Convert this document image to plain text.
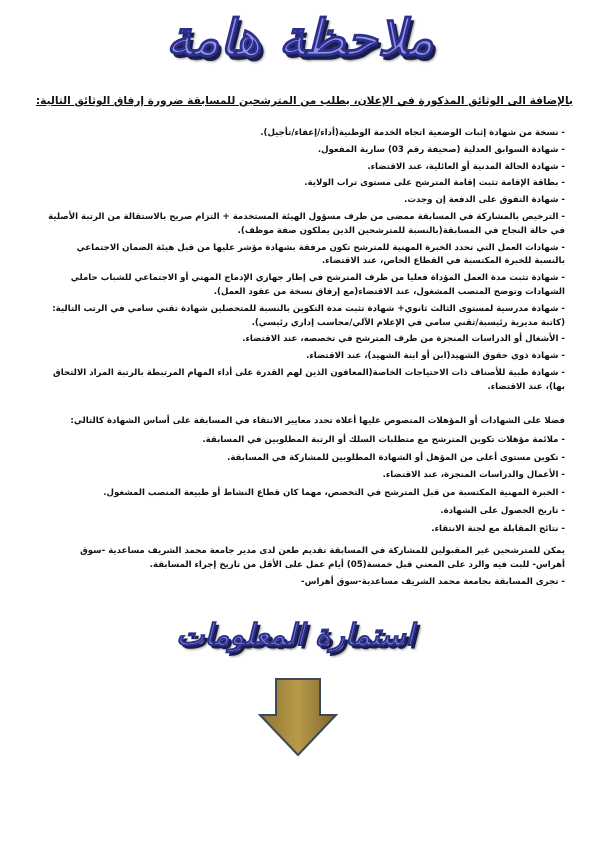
ملاحظة هامة
بالإضافة الى الوثائق المذكورة في الإعلان، يطلب من المترشحين للمسابقة ضرورة إرفاق الوثائق التالية:
- نسخة من شهادة إثبات الوضعية اتجاه الخدمة الوطنية(أداء/إعفاء/تأجيل).
- شهادة السوابق العدلية (صحيفة رقم 03) سارية المفعول.
- شهادة الحالة المدنية أو العائلية، عند الاقتضاء.
- بطاقة الإقامة تثبت إقامة المترشح على مستوى تراب الولاية.
- شهادة التفوق على الدفعة إن وجدت.
- الترخيص بالمشاركة في المسابقة ممضى من طرف مسؤول الهيئة المستخدمة + التزام صريح بالاستقالة من الرتبة الأصلية في حالة النجاح في المسابقة(بالنسبة للمترشحين الذين يملكون صفة موظف).
- شهادات العمل التي تحدد الخبرة المهنية للمترشح تكون مرفقة بشهادة مؤشر عليها من قبل هيئة الضمان الاجتماعي بالنسبة للخبرة المكتسبة في القطاع الخاص، عند الاقتضاء.
- شهادة تثبت مدة العمل المؤداة فعليا من طرف المترشح في إطار جهازي الإدماج المهني أو الاجتماعي للشباب حاملي الشهادات وتوضح المنصب المشغول، عند الاقتضاء(مع إرفاق نسخة من عقود العمل).
- شهادة مدرسية لمستوى الثالث ثانوي+ شهادة تثبت مدة التكوين بالنسبة للمتحصلين شهادة تقني سامي في الرتب التالية: (كاتبة مديرية رئيسية/تقني سامي في الإعلام الآلي/محاسب إداري رئيسي).
- الأشغال أو الدراسات المنجزة من طرف المترشح في تخصصه، عند الاقتضاء.
- شهادة ذوي حقوق الشهيد(ابن أو ابنة الشهيد)، عند الاقتضاء.
- شهادة طبية للأصناف ذات الاحتياجات الخاصة(المعاقون الذين لهم القدرة على أداء المهام المرتبطة بالرتبة المراد الالتحاق بها)، عند الاقتضاء.
فضلا على الشهادات أو المؤهلات المنصوص عليها أعلاه تحدد معايير الانتقاء في المسابقة على أساس الشهادة كالتالي:
- ملائمة مؤهلات تكوين المترشح مع متطلبات السلك أو الرتبة المطلوبين في المسابقة.
- تكوين مستوى أعلى من المؤهل أو الشهادة المطلوبين للمشاركة في المسابقة.
- الأعمال والدراسات المنجزة، عند الاقتضاء.
- الخبرة المهنية المكتسبة من قبل المترشح في التخصص، مهما كان قطاع النشاط أو طبيعة المنصب المشغول.
- تاريخ الحصول على الشهادة.
- نتائج المقابلة مع لجنة الانتقاء.
يمكن للمترشحين غير المقبولين للمشاركة في المسابقة تقديم طعن لدى مدير جامعة محمد الشريف مساعدية -سوق أهراس- للبت فيه والرد على المعني قبل خمسة(05) أيام عمل على الأقل من تاريخ إجراء المسابقة.
- تجرى المسابقة بجامعة محمد الشريف مساعدية-سوق أهراس-
استمارة المعلومات
